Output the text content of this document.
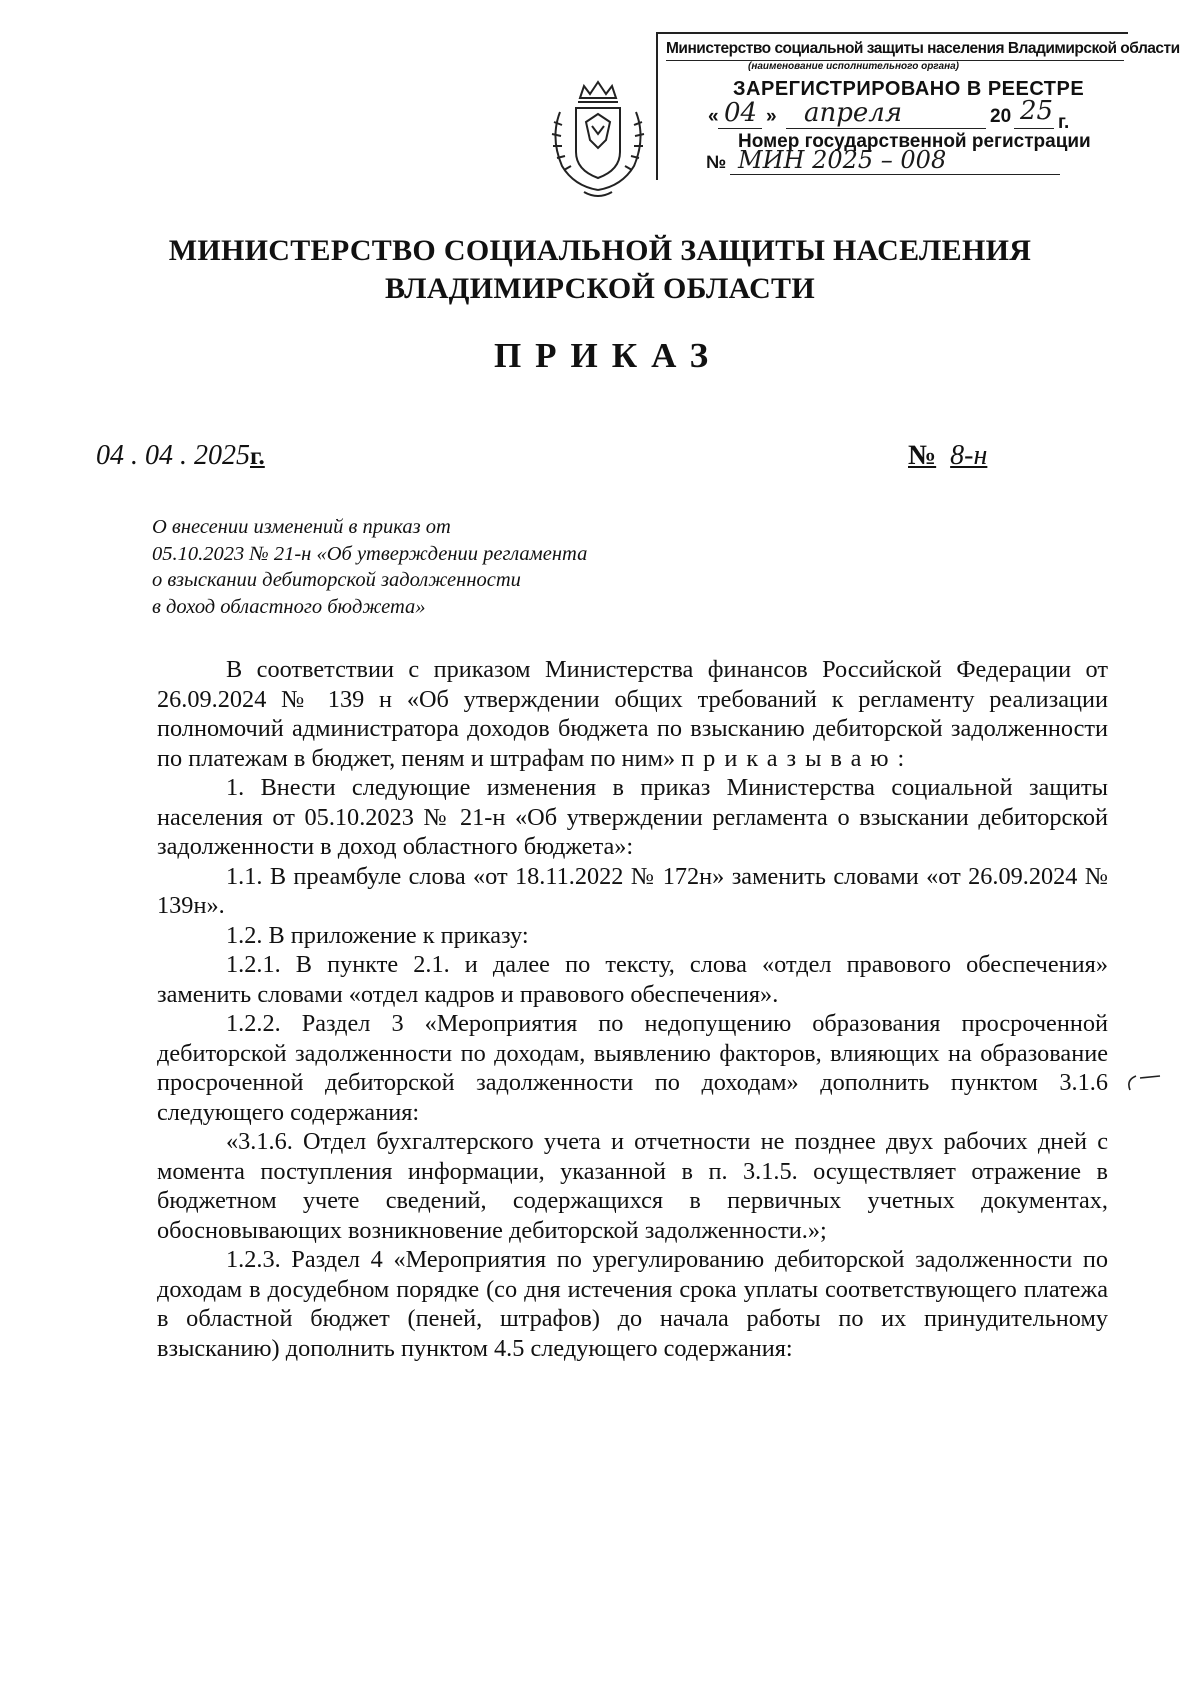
Министерство социальной защиты населения Владимирской области
(наименование исполнительного органа)
ЗАРЕГИСТРИРОВАНО В РЕЕСТРЕ
« 04 » апреля	20 25 г.
Номер государственной регистрации
№ МИН 2025 – 008
МИНИСТЕРСТВО СОЦИАЛЬНОЙ ЗАЩИТЫ НАСЕЛЕНИЯ
ВЛАДИМИРСКОЙ ОБЛАСТИ
ПРИКАЗ
04 . 04 . 2025г.	№ 8-н
О внесении изменений в приказ от
05.10.2023 № 21-н «Об утверждении регламента
о взыскании дебиторской задолженности
в доход областного бюджета»

В соответствии с приказом Министерства финансов Российской Федерации от 26.09.2024 № 139 н «Об утверждении общих требований к регламенту реализации полномочий администратора доходов бюджета по взысканию дебиторской задолженности по платежам в бюджет, пеням и штрафам по ним» приказываю:

1. Внести следующие изменения в приказ Министерства социальной защиты населения от 05.10.2023 № 21-н «Об утверждении регламента о взыскании дебиторской задолженности в доход областного бюджета»:

1.1. В преамбуле слова «от 18.11.2022 № 172н» заменить словами «от 26.09.2024 № 139н».

1.2. В приложение к приказу:

1.2.1. В пункте 2.1. и далее по тексту, слова «отдел правового обеспечения» заменить словами «отдел кадров и правового обеспечения».

1.2.2. Раздел 3 «Мероприятия по недопущению образования просроченной дебиторской задолженности по доходам, выявлению факторов, влияющих на образование просроченной дебиторской задолженности по доходам» дополнить пунктом 3.1.6 следующего содержания:

«3.1.6. Отдел бухгалтерского учета и отчетности не позднее двух рабочих дней с момента поступления информации, указанной в п. 3.1.5. осуществляет отражение в бюджетном учете сведений, содержащихся в первичных учетных документах, обосновывающих возникновение дебиторской задолженности.»;

1.2.3. Раздел 4 «Мероприятия по урегулированию дебиторской задолженности по доходам в досудебном порядке (со дня истечения срока уплаты соответствующего платежа в областной бюджет (пеней, штрафов) до начала работы по их принудительному взысканию) дополнить пунктом 4.5 следующего содержания:
